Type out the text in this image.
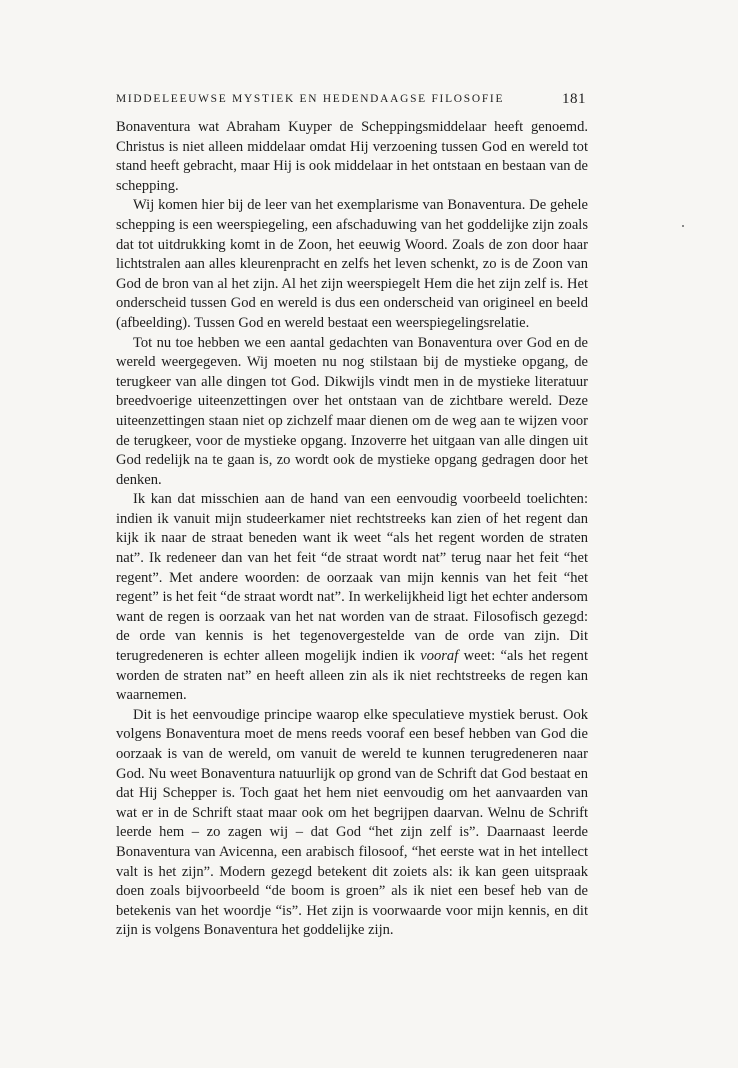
MIDDELEEUWSE MYSTIEK EN HEDENDAAGSE FILOSOFIE	181

Bonaventura wat Abraham Kuyper de Scheppingsmiddelaar heeft genoemd. Christus is niet alleen middelaar omdat Hij verzoening tussen God en wereld tot stand heeft gebracht, maar Hij is ook middelaar in het ontstaan en bestaan van de schepping.

Wij komen hier bij de leer van het exemplarisme van Bonaventura. De gehele schepping is een weerspiegeling, een afschaduwing van het goddelijke zijn zoals dat tot uitdrukking komt in de Zoon, het eeuwig Woord. Zoals de zon door haar lichtstralen aan alles kleurenpracht en zelfs het leven schenkt, zo is de Zoon van God de bron van al het zijn. Al het zijn weerspiegelt Hem die het zijn zelf is. Het onderscheid tussen God en wereld is dus een onderscheid van origineel en beeld (afbeelding). Tussen God en wereld bestaat een weerspiegelingsrelatie.

Tot nu toe hebben we een aantal gedachten van Bonaventura over God en de wereld weergegeven. Wij moeten nu nog stilstaan bij de mystieke opgang, de terugkeer van alle dingen tot God. Dikwijls vindt men in de mystieke literatuur breedvoerige uiteenzettingen over het ontstaan van de zichtbare wereld. Deze uiteenzettingen staan niet op zichzelf maar dienen om de weg aan te wijzen voor de terugkeer, voor de mystieke opgang. Inzoverre het uitgaan van alle dingen uit God redelijk na te gaan is, zo wordt ook de mystieke opgang gedragen door het denken.

Ik kan dat misschien aan de hand van een eenvoudig voorbeeld toelichten: indien ik vanuit mijn studeerkamer niet rechtstreeks kan zien of het regent dan kijk ik naar de straat beneden want ik weet “als het regent worden de straten nat”. Ik redeneer dan van het feit “de straat wordt nat” terug naar het feit “het regent”. Met andere woorden: de oorzaak van mijn kennis van het feit “het regent” is het feit “de straat wordt nat”. In werkelijkheid ligt het echter andersom want de regen is oorzaak van het nat worden van de straat. Filosofisch gezegd: de orde van kennis is het tegenovergestelde van de orde van zijn. Dit terugredeneren is echter alleen mogelijk indien ik vooraf weet: “als het regent worden de straten nat” en heeft alleen zin als ik niet rechtstreeks de regen kan waarnemen.

Dit is het eenvoudige principe waarop elke speculatieve mystiek berust. Ook volgens Bonaventura moet de mens reeds vooraf een besef hebben van God die oorzaak is van de wereld, om vanuit de wereld te kunnen terugredeneren naar God. Nu weet Bonaventura natuurlijk op grond van de Schrift dat God bestaat en dat Hij Schepper is. Toch gaat het hem niet eenvoudig om het aanvaarden van wat er in de Schrift staat maar ook om het begrijpen daarvan. Welnu de Schrift leerde hem – zo zagen wij – dat God “het zijn zelf is”. Daarnaast leerde Bonaventura van Avicenna, een arabisch filosoof, “het eerste wat in het intellect valt is het zijn”. Modern gezegd betekent dit zoiets als: ik kan geen uitspraak doen zoals bijvoorbeeld “de boom is groen” als ik niet een besef heb van de betekenis van het woordje “is”. Het zijn is voorwaarde voor mijn kennis, en dit zijn is volgens Bonaventura het goddelijke zijn.
